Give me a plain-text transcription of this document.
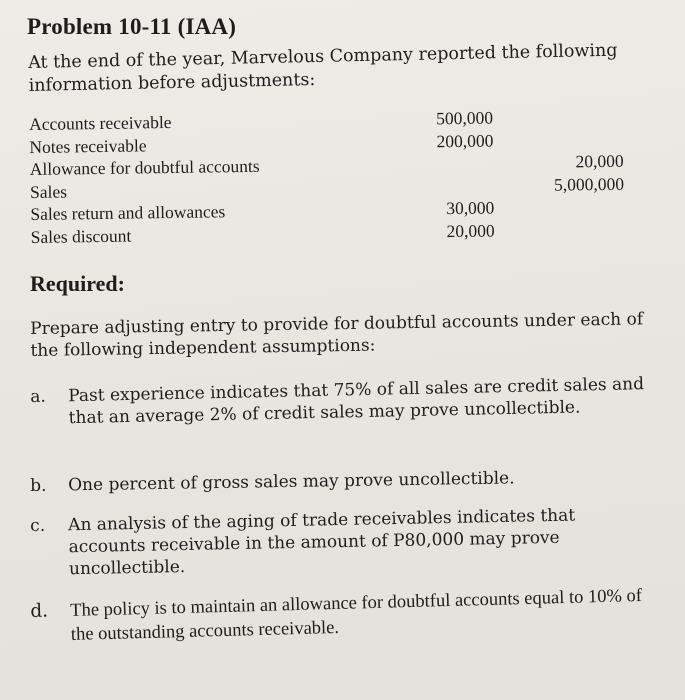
Problem 10-11 (IAA)
At the end of the year, Marvelous Company reported the following information before adjustments:
Accounts receivable	500,000
Notes receivable	200,000
Allowance for doubtful accounts	20,000
Sales	5,000,000
Sales return and allowances	30,000
Sales discount	20,000
Required:
Prepare adjusting entry to provide for doubtful accounts under each of the following independent assumptions:
a. Past experience indicates that 75% of all sales are credit sales and that an average 2% of credit sales may prove uncollectible.
b. One percent of gross sales may prove uncollectible.
c. An analysis of the aging of trade receivables indicates that accounts receivable in the amount of P80,000 may prove uncollectible.
d. The policy is to maintain an allowance for doubtful accounts equal to 10% of the outstanding accounts receivable.
